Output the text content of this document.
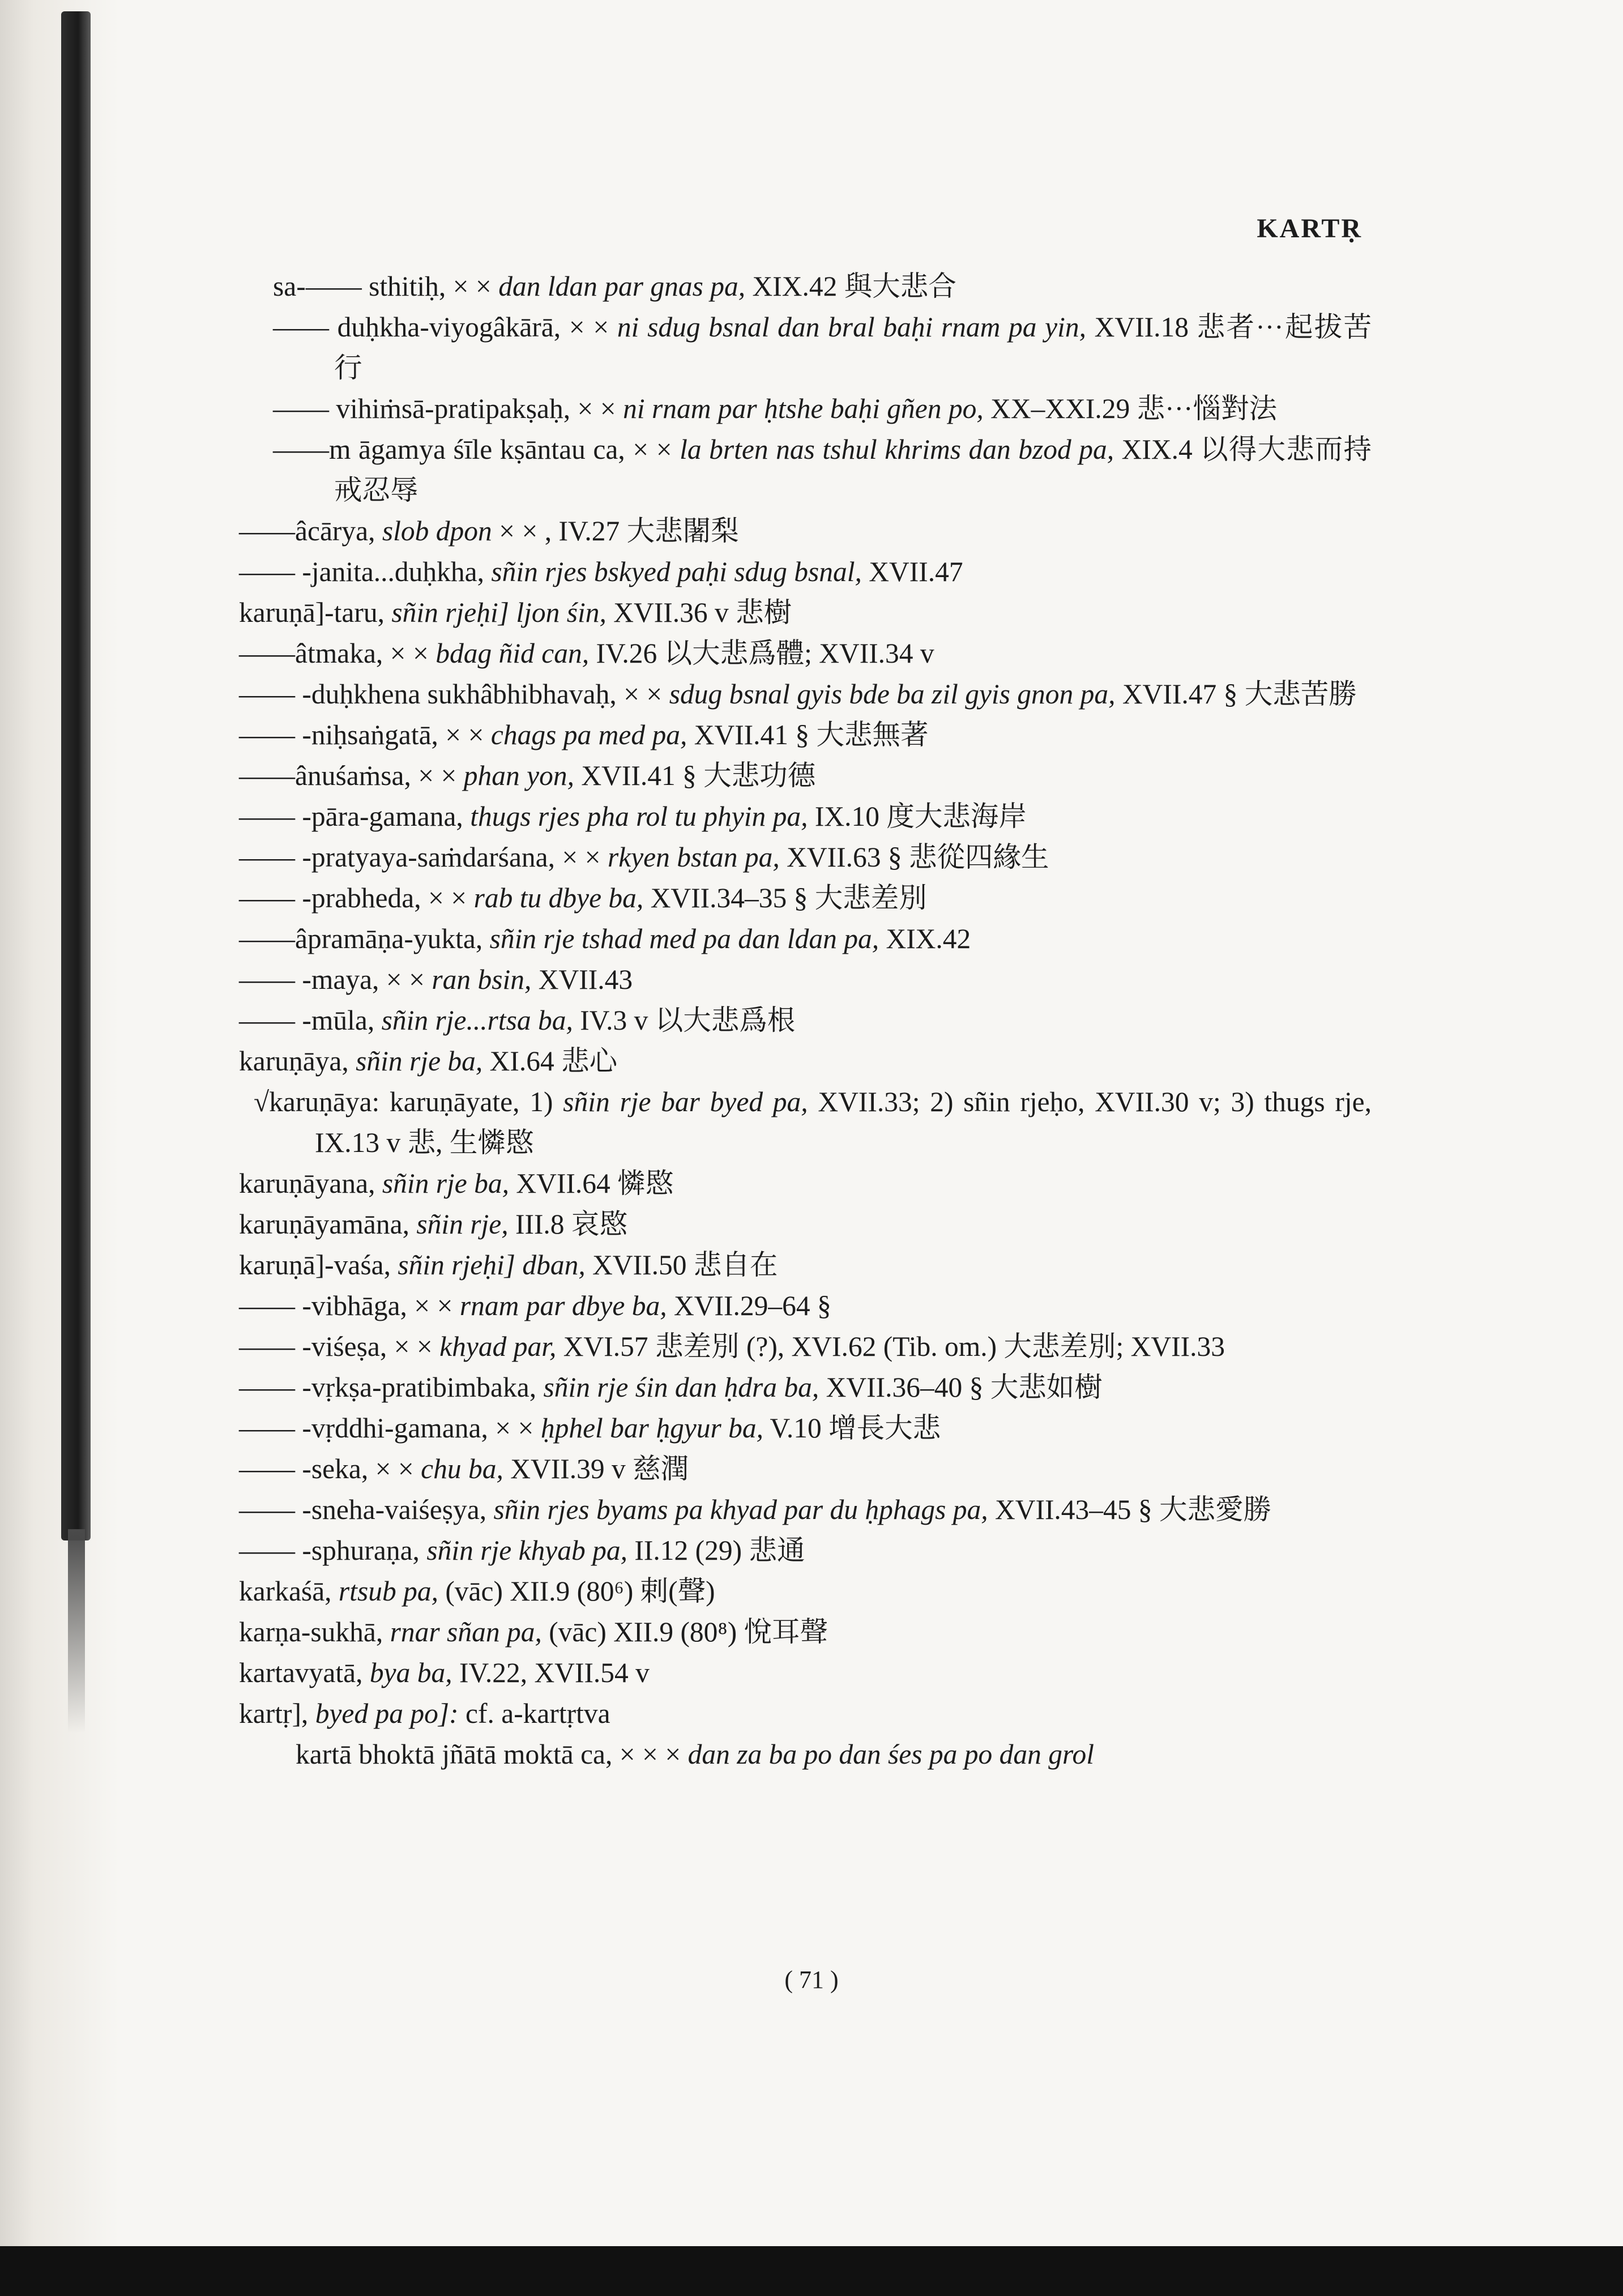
KARTṚ
sa-—— sthitiḥ, × × dan ldan par gnas pa, XIX.42 與大悲合
—— duḥkha-viyogâkārā, × × ni sdug bsnal dan bral baḥi rnam pa yin, XVII.18 悲者···起拔苦行
—— vihiṁsā-pratipakṣaḥ, × × ni rnam par ḥtshe baḥi gñen po, XX–XXI.29 悲···惱對法
——m āgamya śīle kṣāntau ca, × × la brten nas tshul khrims dan bzod pa, XIX.4 以得大悲而持戒忍辱
——âcārya, slob dpon × × , IV.27 大悲闍梨
—— -janita...duḥkha, sñin rjes bskyed paḥi sdug bsnal, XVII.47
karuṇā]-taru, sñin rjeḥi] ljon śin, XVII.36 v 悲樹
——âtmaka, × × bdag ñid can, IV.26 以大悲爲體; XVII.34 v
—— -duḥkhena sukhâbhibhavaḥ, × × sdug bsnal gyis bde ba zil gyis gnon pa, XVII.47 § 大悲苦勝
—— -niḥsaṅgatā, × × chags pa med pa, XVII.41 § 大悲無著
——ânuśaṁsa, × × phan yon, XVII.41 § 大悲功德
—— -pāra-gamana, thugs rjes pha rol tu phyin pa, IX.10 度大悲海岸
—— -pratyaya-saṁdarśana, × × rkyen bstan pa, XVII.63 § 悲從四緣生
—— -prabheda, × × rab tu dbye ba, XVII.34–35 § 大悲差別
——âpramāṇa-yukta, sñin rje tshad med pa dan ldan pa, XIX.42
—— -maya, × × ran bsin, XVII.43
—— -mūla, sñin rje...rtsa ba, IV.3 v 以大悲爲根
karuṇāya, sñin rje ba, XI.64 悲心
√karuṇāya: karuṇāyate, 1) sñin rje bar byed pa, XVII.33; 2) sñin rjeḥo, XVII.30 v; 3) thugs rje, IX.13 v 悲, 生憐愍
karuṇāyana, sñin rje ba, XVII.64 憐愍
karuṇāyamāna, sñin rje, III.8 哀愍
karuṇā]-vaśa, sñin rjeḥi] dban, XVII.50 悲自在
—— -vibhāga, × × rnam par dbye ba, XVII.29–64 §
—— -viśeṣa, × × khyad par, XVI.57 悲差別 (?), XVI.62 (Tib. om.) 大悲差別; XVII.33
—— -vṛkṣa-pratibimbaka, sñin rje śin dan ḥdra ba, XVII.36–40 § 大悲如樹
—— -vṛddhi-gamana, × × ḥphel bar ḥgyur ba, V.10 增長大悲
—— -seka, × × chu ba, XVII.39 v 慈潤
—— -sneha-vaiśeṣya, sñin rjes byams pa khyad par du ḥphags pa, XVII.43–45 § 大悲愛勝
—— -sphuraṇa, sñin rje khyab pa, II.12 (29) 悲通
karkaśā, rtsub pa, (vāc) XII.9 (80⁶) 剌(聲)
karṇa-sukhā, rnar sñan pa, (vāc) XII.9 (80⁸) 悅耳聲
kartavyatā, bya ba, IV.22, XVII.54 v
kartṛ], byed pa po]: cf. a-kartṛtva
kartā bhoktā jñātā moktā ca, × × × dan za ba po dan śes pa po dan grol
( 71 )
